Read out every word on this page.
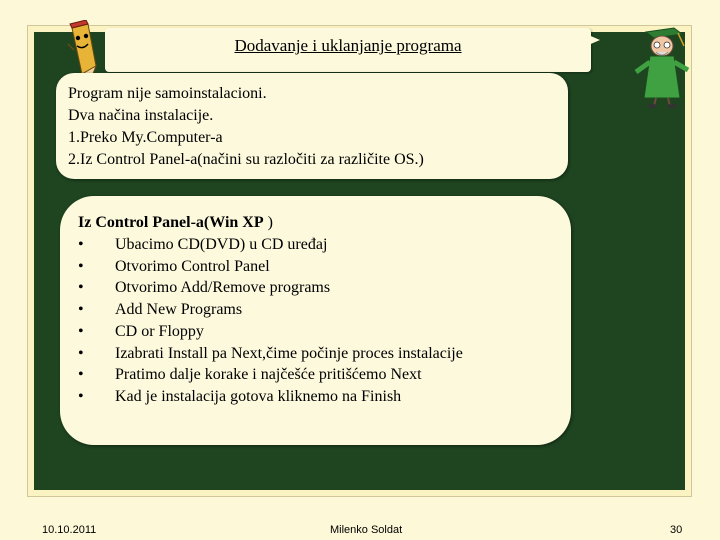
Dodavanje i uklanjanje programa
Program nije samoinstalacioni.
Dva načina instalacije.
1.Preko My.Computer-a
2.Iz Control Panel-a(načini su razločiti za različite OS.)
Iz Control Panel-a(Win XP )
•	Ubacimo CD(DVD) u CD uređaj
•	Otvorimo Control Panel
•	Otvorimo Add/Remove programs
•	Add New Programs
•	CD or Floppy
•	Izabrati Install pa Next,čime počinje proces instalacije
•	Pratimo dalje korake i najčešće pritišćemo Next
•	Kad je instalacija gotova kliknemo na Finish
10.10.2011	Milenko Soldat	30
